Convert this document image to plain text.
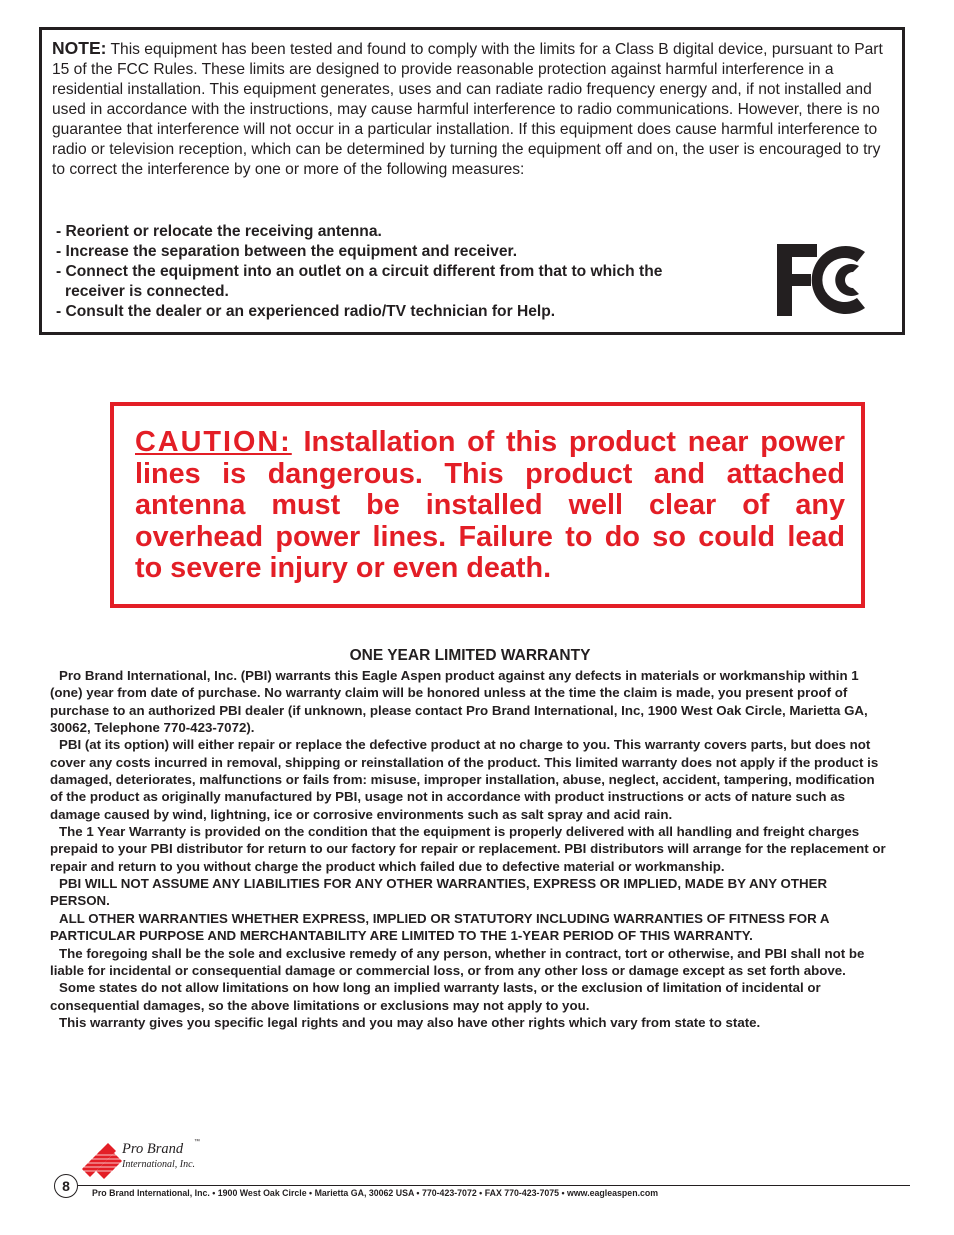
NOTE: This equipment has been tested and found to comply with the limits for a Class B digital device, pursuant to Part 15 of the FCC Rules. These limits are designed to provide reasonable protection against harmful interference in a residential installation. This equipment generates, uses and can radiate radio frequency energy and, if not installed and used in accordance with the instructions, may cause harmful interference to radio communications. However, there is no guarantee that interference will not occur in a particular installation. If this equipment does cause harmful interference to radio or television reception, which can be determined by turning the equipment off and on, the user is encouraged to try to correct the interference by one or more of the following measures:

- Reorient or relocate the receiving antenna.
- Increase the separation between the equipment and receiver.
- Connect the equipment into an outlet on a circuit different from that to which the receiver is connected.
- Consult the dealer or an experienced radio/TV technician for Help.

CAUTION: Installation of this product near power lines is dangerous. This product and attached antenna must be installed well clear of any overhead power lines. Failure to do so could lead to severe injury or even death.

ONE YEAR LIMITED WARRANTY

Pro Brand International, Inc. (PBI) warrants this Eagle Aspen product against any defects in materials or workmanship within 1 (one) year from date of purchase. No warranty claim will be honored unless at the time the claim is made, you present proof of purchase to an authorized PBI dealer (if unknown, please contact Pro Brand International, Inc, 1900 West Oak Circle, Marietta GA, 30062, Telephone 770-423-7072).

PBI (at its option) will either repair or replace the defective product at no charge to you. This warranty covers parts, but does not cover any costs incurred in removal, shipping or reinstallation of the product. This limited warranty does not apply if the product is damaged, deteriorates, malfunctions or fails from: misuse, improper installation, abuse, neglect, accident, tampering, modification of the product as originally manufactured by PBI, usage not in accordance with product instructions or acts of nature such as damage caused by wind, lightning, ice or corrosive environments such as salt spray and acid rain.

The 1 Year Warranty is provided on the condition that the equipment is properly delivered with all handling and freight charges prepaid to your PBI distributor for return to our factory for repair or replacement. PBI distributors will arrange for the replacement or repair and return to you without charge the product which failed due to defective material or workmanship.

PBI WILL NOT ASSUME ANY LIABILITIES FOR ANY OTHER WARRANTIES, EXPRESS OR IMPLIED, MADE BY ANY OTHER PERSON.

ALL OTHER WARRANTIES WHETHER EXPRESS, IMPLIED OR STATUTORY INCLUDING WARRANTIES OF FITNESS FOR A PARTICULAR PURPOSE AND MERCHANTABILITY ARE LIMITED TO THE 1-YEAR PERIOD OF THIS WARRANTY.

The foregoing shall be the sole and exclusive remedy of any person, whether in contract, tort or otherwise, and PBI shall not be liable for incidental or consequential damage or commercial loss, or from any other loss or damage except as set forth above.

Some states do not allow limitations on how long an implied warranty lasts, or the exclusion of limitation of incidental or consequential damages, so the above limitations or exclusions may not apply to you.

This warranty gives you specific legal rights and you may also have other rights which vary from state to state.

Pro Brand ™
International, Inc.
8	Pro Brand International, Inc. • 1900 West Oak Circle • Marietta GA, 30062 USA • 770-423-7072 • FAX 770-423-7075 • www.eagleaspen.com
